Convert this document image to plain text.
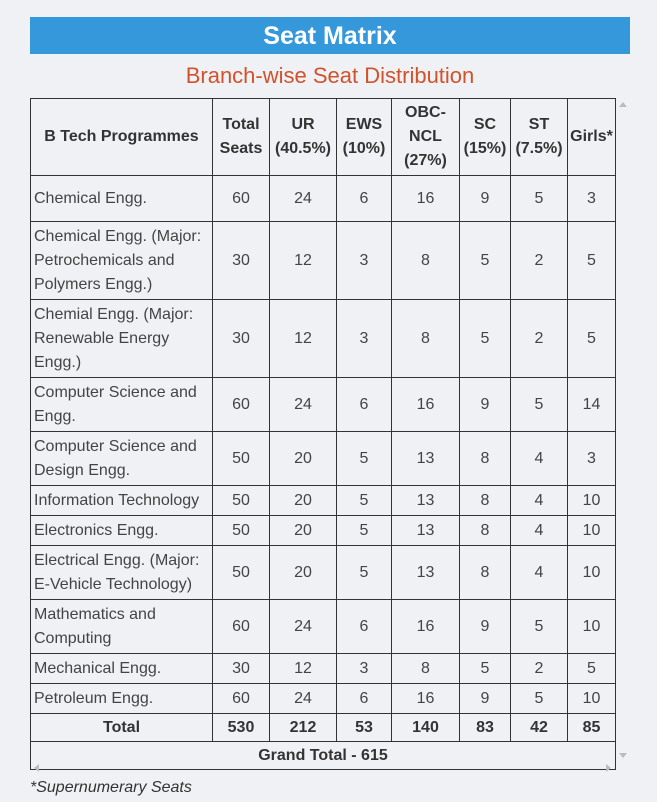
Seat Matrix
Branch-wise Seat Distribution
B Tech Programmes	Total Seats	UR (40.5%)	EWS (10%)	OBC-NCL (27%)	SC (15%)	ST (7.5%)	Girls*
Chemical Engg.	60	24	6	16	9	5	3
Chemical Engg. (Major: Petrochemicals and Polymers Engg.)	30	12	3	8	5	2	5
Chemial Engg. (Major: Renewable Energy Engg.)	30	12	3	8	5	2	5
Computer Science and Engg.	60	24	6	16	9	5	14
Computer Science and Design Engg.	50	20	5	13	8	4	3
Information Technology	50	20	5	13	8	4	10
Electronics Engg.	50	20	5	13	8	4	10
Electrical Engg. (Major: E-Vehicle Technology)	50	20	5	13	8	4	10
Mathematics and Computing	60	24	6	16	9	5	10
Mechanical Engg.	30	12	3	8	5	2	5
Petroleum Engg.	60	24	6	16	9	5	10
Total	530	212	53	140	83	42	85
Grand Total - 615							
*Supernumerary Seats
